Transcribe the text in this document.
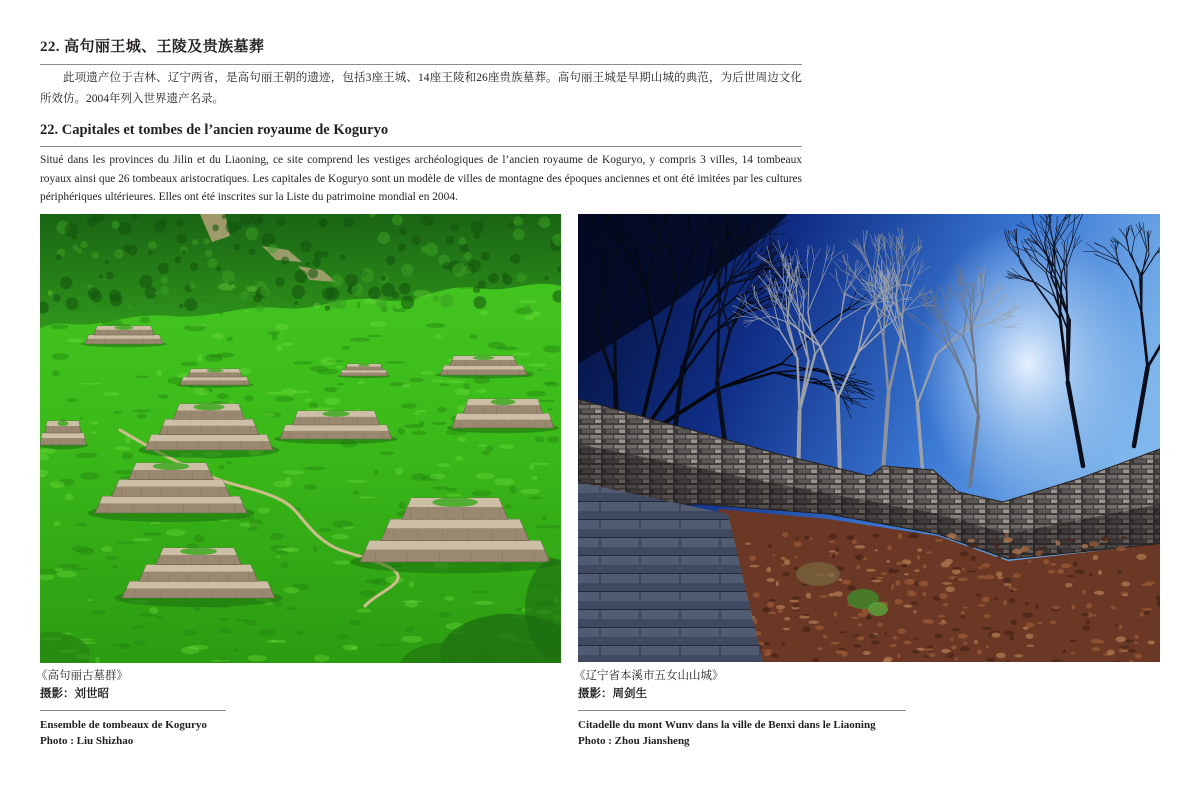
22. 高句丽王城、王陵及贵族墓葬

此项遗产位于吉林、辽宁两省，是高句丽王朝的遗迹，包括3座王城、14座王陵和26座贵族墓葬。高句丽王城是早期山城的典范，为后世周边文化所效仿。2004年列入世界遗产名录。

22. Capitales et tombes de l’ancien royaume de Koguryo

Situé dans les provinces du Jilin et du Liaoning, ce site comprend les vestiges archéologiques de l’ancien royaume de Koguryo, y compris 3 villes, 14 tombeaux royaux ainsi que 26 tombeaux aristocratiques. Les capitales de Koguryo sont un modèle de villes de montagne des époques anciennes et ont été imitées par les cultures périphériques ultérieures. Elles ont été inscrites sur la Liste du patrimoine mondial en 2004.

《高句丽古墓群》
摄影：刘世昭
Ensemble de tombeaux de Koguryo
Photo : Liu Shizhao
《辽宁省本溪市五女山山城》
摄影：周剑生
Citadelle du mont Wunv dans la ville de Benxi dans le Liaoning
Photo : Zhou Jiansheng
